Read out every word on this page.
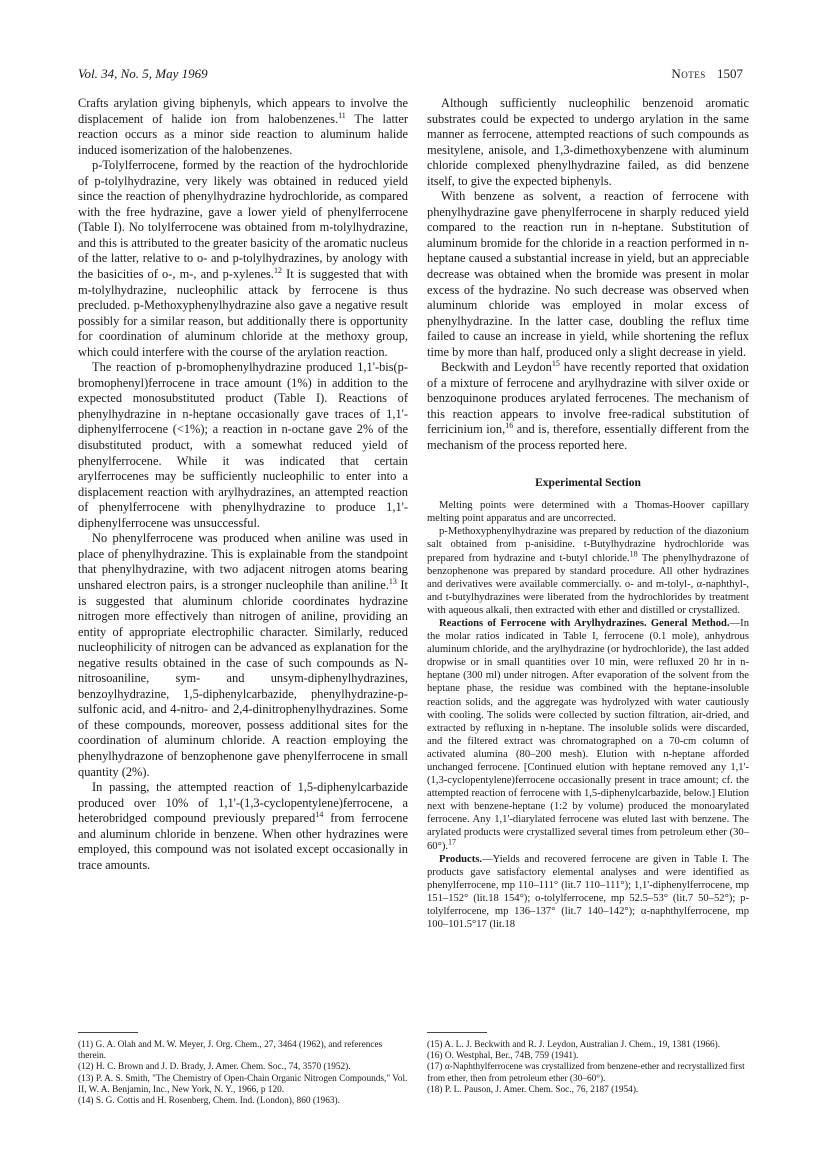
Vol. 34, No. 5, May 1969	Notes 1507

Crafts arylation giving biphenyls, which appears to involve the displacement of halide ion from halobenzenes.$^{11}$ The latter reaction occurs as a minor side reaction to aluminum halide induced isomerization of the halobenzenes.

p-Tolylferrocene, formed by the reaction of the hydrochloride of p-tolylhydrazine, very likely was obtained in reduced yield since the reaction of phenylhydrazine hydrochloride, as compared with the free hydrazine, gave a lower yield of phenylferrocene (Table I). No tolylferrocene was obtained from m-tolylhydrazine, and this is attributed to the greater basicity of the aromatic nucleus of the latter, relative to o- and p-tolylhydrazines, by anology with the basicities of o-, m-, and p-xylenes.$^{12}$ It is suggested that with m-tolylhydrazine, nucleophilic attack by ferrocene is thus precluded. p-Methoxyphenylhydrazine also gave a negative result possibly for a similar reason, but additionally there is opportunity for coordination of aluminum chloride at the methoxy group, which could interfere with the course of the arylation reaction.

The reaction of p-bromophenylhydrazine produced 1,1'-bis(p-bromophenyl)ferrocene in trace amount (1%) in addition to the expected monosubstituted product (Table I). Reactions of phenylhydrazine in n-heptane occasionally gave traces of 1,1'-diphenylferrocene (<1%); a reaction in n-octane gave 2% of the disubstituted product, with a somewhat reduced yield of phenylferrocene. While it was indicated that certain arylferrocenes may be sufficiently nucleophilic to enter into a displacement reaction with arylhydrazines, an attempted reaction of phenylferrocene with phenylhydrazine to produce 1,1'-diphenylferrocene was unsuccessful.

No phenylferrocene was produced when aniline was used in place of phenylhydrazine. This is explainable from the standpoint that phenylhydrazine, with two adjacent nitrogen atoms bearing unshared electron pairs, is a stronger nucleophile than aniline.$^{13}$ It is suggested that aluminum chloride coordinates hydrazine nitrogen more effectively than nitrogen of aniline, providing an entity of appropriate electrophilic character. Similarly, reduced nucleophilicity of nitrogen can be advanced as explanation for the negative results obtained in the case of such compounds as N-nitrosoaniline, sym- and unsym-diphenylhydrazines, benzoylhydrazine, 1,5-diphenylcarbazide, phenylhydrazine-p-sulfonic acid, and 4-nitro- and 2,4-dinitrophenylhydrazines. Some of these compounds, moreover, possess additional sites for the coordination of aluminum chloride. A reaction employing the phenylhydrazone of benzophenone gave phenylferrocene in small quantity (2%).

In passing, the attempted reaction of 1,5-diphenylcarbazide produced over 10% of 1,1'-(1,3-cyclopentylene)ferrocene, a heterobridged compound previously prepared$^{14}$ from ferrocene and aluminum chloride in benzene. When other hydrazines were employed, this compound was not isolated except occasionally in trace amounts.

Although sufficiently nucleophilic benzenoid aromatic substrates could be expected to undergo arylation in the same manner as ferrocene, attempted reactions of such compounds as mesitylene, anisole, and 1,3-dimethoxybenzene with aluminum chloride complexed phenylhydrazine failed, as did benzene itself, to give the expected biphenyls.

With benzene as solvent, a reaction of ferrocene with phenylhydrazine gave phenylferrocene in sharply reduced yield compared to the reaction run in n-heptane. Substitution of aluminum bromide for the chloride in a reaction performed in n-heptane caused a substantial increase in yield, but an appreciable decrease was obtained when the bromide was present in molar excess of the hydrazine. No such decrease was observed when aluminum chloride was employed in molar excess of phenylhydrazine. In the latter case, doubling the reflux time failed to cause an increase in yield, while shortening the reflux time by more than half, produced only a slight decrease in yield.

Beckwith and Leydon$^{15}$ have recently reported that oxidation of a mixture of ferrocene and arylhydrazine with silver oxide or benzoquinone produces arylated ferrocenes. The mechanism of this reaction appears to involve free-radical substitution of ferricinium ion,$^{16}$ and is, therefore, essentially different from the mechanism of the process reported here.

Experimental Section

Melting points were determined with a Thomas-Hoover capillary melting point apparatus and are uncorrected.

p-Methoxyphenylhydrazine was prepared by reduction of the diazonium salt obtained from p-anisidine. t-Butylhydrazine hydrochloride was prepared from hydrazine and t-butyl chloride.$^{18}$ The phenylhydrazone of benzophenone was prepared by standard procedure. All other hydrazines and derivatives were available commercially. o- and m-tolyl-, α-naphthyl-, and t-butylhydrazines were liberated from the hydrochlorides by treatment with aqueous alkali, then extracted with ether and distilled or crystallized.

Reactions of Ferrocene with Arylhydrazines. General Method.—In the molar ratios indicated in Table I, ferrocene (0.1 mole), anhydrous aluminum chloride, and the arylhydrazine (or hydrochloride), the last added dropwise or in small quantities over 10 min, were refluxed 20 hr in n-heptane (300 ml) under nitrogen. After evaporation of the solvent from the heptane phase, the residue was combined with the heptane-insoluble reaction solids, and the aggregate was hydrolyzed with water cautiously with cooling. The solids were collected by suction filtration, air-dried, and extracted by refluxing in n-heptane. The insoluble solids were discarded, and the filtered extract was chromatographed on a 70-cm column of activated alumina (80–200 mesh). Elution with n-heptane afforded unchanged ferrocene. [Continued elution with heptane removed any 1,1'-(1,3-cyclopentylene)ferrocene occasionally present in trace amount; cf. the attempted reaction of ferrocene with 1,5-diphenylcarbazide, below.] Elution next with benzene-heptane (1:2 by volume) produced the monoarylated ferrocene. Any 1,1'-diarylated ferrocene was eluted last with benzene. The arylated products were crystallized several times from petroleum ether (30–60°).$^{17}$

Products.—Yields and recovered ferrocene are given in Table I. The products gave satisfactory elemental analyses and were identified as phenylferrocene, mp 110–111° (lit.7 110–111°); 1,1'-diphenylferrocene, mp 151–152° (lit.18 154°); o-tolylferrocene, mp 52.5–53° (lit.7 50–52°); p-tolylferrocene, mp 136–137° (lit.7 140–142°); α-naphthylferrocene, mp 100–101.5°17 (lit.18

(11) G. A. Olah and M. W. Meyer, J. Org. Chem., 27, 3464 (1962), and references therein.
(12) H. C. Brown and J. D. Brady, J. Amer. Chem. Soc., 74, 3570 (1952).
(13) P. A. S. Smith, "The Chemistry of Open-Chain Organic Nitrogen Compounds," Vol. II, W. A. Benjamin, Inc., New York, N. Y., 1966, p 120.
(14) S. G. Cottis and H. Rosenberg, Chem. Ind. (London), 860 (1963).
(15) A. L. J. Beckwith and R. J. Leydon, Australian J. Chem., 19, 1381 (1966).
(16) O. Westphal, Ber., 74B, 759 (1941).
(17) α-Naphthylferrocene was crystallized from benzene-ether and recrystallized first from ether, then from petroleum ether (30–60°).
(18) P. L. Pauson, J. Amer. Chem. Soc., 76, 2187 (1954).
